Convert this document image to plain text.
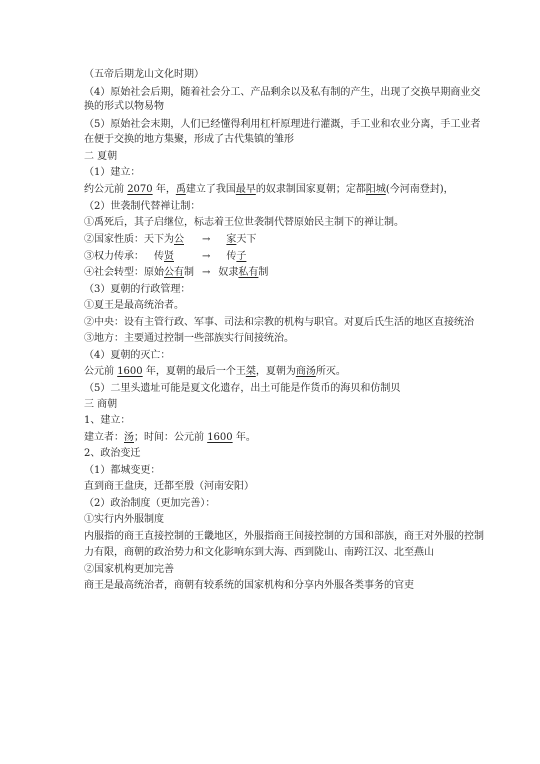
（五帝后期龙山文化时期）
（4）原始社会后期，随着社会分工、产品剩余以及私有制的产生，出现了交换早期商业交
换的形式以物易物
（5）原始社会末期，人们已经懂得利用杠杆原理进行灌溉，手工业和农业分离，手工业者
在便于交换的地方集聚，形成了古代集镇的雏形
二 夏朝
（1）建立：
约公元前 2070 年，禹建立了我国最早的奴隶制国家夏朝；定都阳城(今河南登封)，
（2）世袭制代替禅让制：
①禹死后，其子启继位，标志着王位世袭制代替原始民主制下的禅让制。
②国家性质：天下为公 → 家天下
③权力传承： 传贤	→ 传子
④社会转型：原始公有制 → 奴隶私有制
（3）夏朝的行政管理：
①夏王是最高统治者。
②中央：设有主管行政、军事、司法和宗教的机构与职官。对夏后氏生活的地区直接统治
③地方：主要通过控制一些部族实行间接统治。
（4）夏朝的灭亡：
公元前 1600 年，夏朝的最后一个王桀，夏朝为商汤所灭。
（5）二里头遗址可能是夏文化遗存，出土可能是作货币的海贝和仿制贝
三 商朝
1、建立：
建立者：汤；时间：公元前 1600 年。
2、政治变迁
（1）都城变更：
直到商王盘庚，迁都至殷（河南安阳）
（2）政治制度（更加完善）：
①实行内外服制度
内服指的商王直接控制的王畿地区，外服指商王间接控制的方国和部族，商王对外服的控制
力有限，商朝的政治势力和文化影响东到大海、西到陇山、南跨江汉、北至燕山
②国家机构更加完善
商王是最高统治者，商朝有较系统的国家机构和分享内外服各类事务的官吏
